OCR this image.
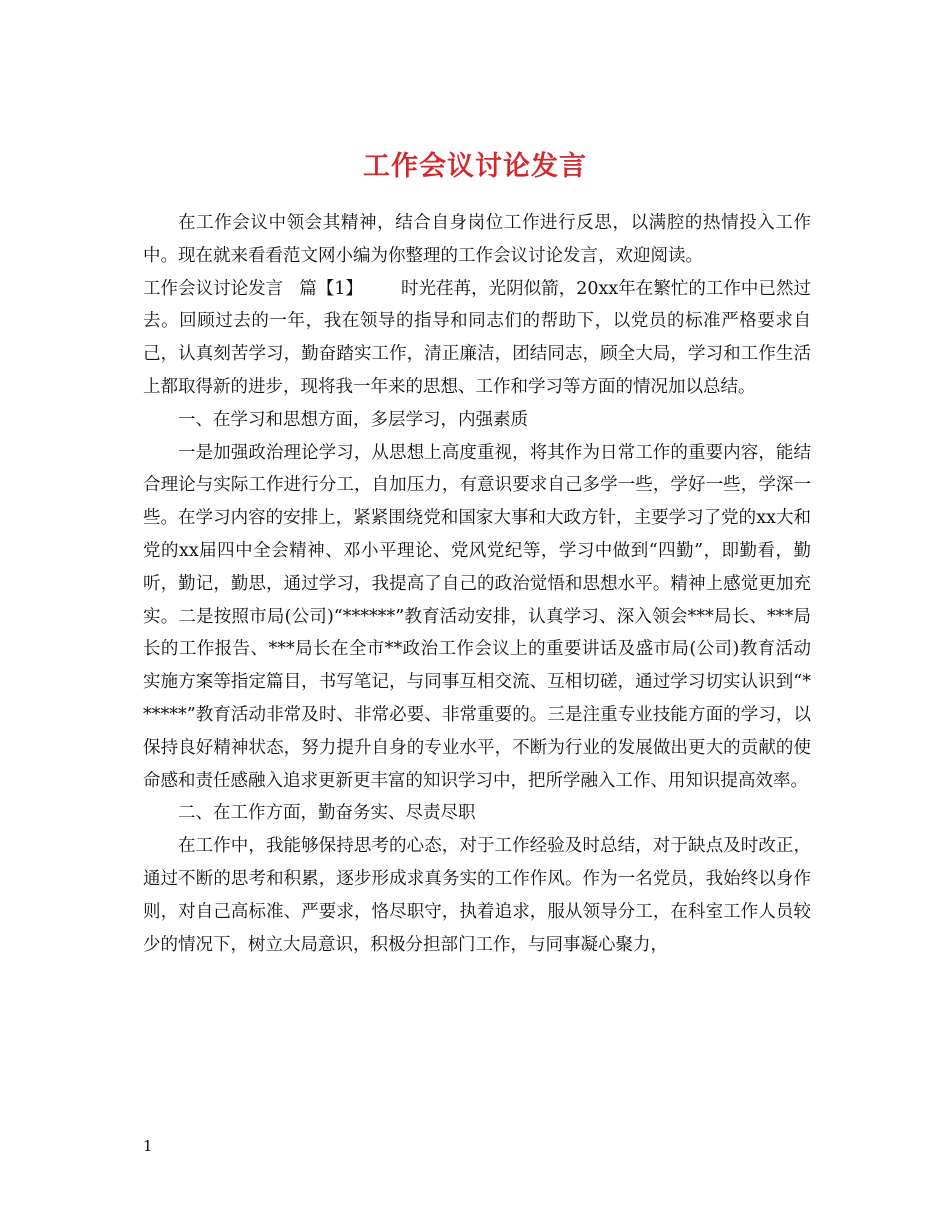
工作会议讨论发言

在工作会议中领会其精神，结合自身岗位工作进行反思，以满腔的热情投入工作中。现在就来看看范文网小编为你整理的工作会议讨论发言，欢迎阅读。

工作会议讨论发言 篇【1】 时光荏苒，光阴似箭，20xx年在繁忙的工作中已然过去。回顾过去的一年，我在领导的指导和同志们的帮助下，以党员的标准严格要求自己，认真刻苦学习，勤奋踏实工作，清正廉洁，团结同志，顾全大局，学习和工作生活上都取得新的进步，现将我一年来的思想、工作和学习等方面的情况加以总结。

一、在学习和思想方面，多层学习，内强素质

一是加强政治理论学习，从思想上高度重视，将其作为日常工作的重要内容，能结合理论与实际工作进行分工，自加压力，有意识要求自己多学一些，学好一些，学深一些。在学习内容的安排上，紧紧围绕党和国家大事和大政方针，主要学习了党的xx大和党的xx届四中全会精神、邓小平理论、党风党纪等，学习中做到“四勤”，即勤看，勤听，勤记，勤思，通过学习，我提高了自己的政治觉悟和思想水平。精神上感觉更加充实。二是按照市局(公司)“******”教育活动安排，认真学习、深入领会***局长、***局长的工作报告、***局长在全市**政治工作会议上的重要讲话及盛市局(公司)教育活动实施方案等指定篇目，书写笔记，与同事互相交流、互相切磋，通过学习切实认识到“******”教育活动非常及时、非常必要、非常重要的。三是注重专业技能方面的学习，以保持良好精神状态，努力提升自身的专业水平，不断为行业的发展做出更大的贡献的使命感和责任感融入追求更新更丰富的知识学习中，把所学融入工作、用知识提高效率。

二、在工作方面，勤奋务实、尽责尽职

在工作中，我能够保持思考的心态，对于工作经验及时总结，对于缺点及时改正，通过不断的思考和积累，逐步形成求真务实的工作作风。作为一名党员，我始终以身作则，对自己高标准、严要求，恪尽职守，执着追求，服从领导分工，在科室工作人员较少的情况下，树立大局意识，积极分担部门工作，与同事凝心聚力，

1
